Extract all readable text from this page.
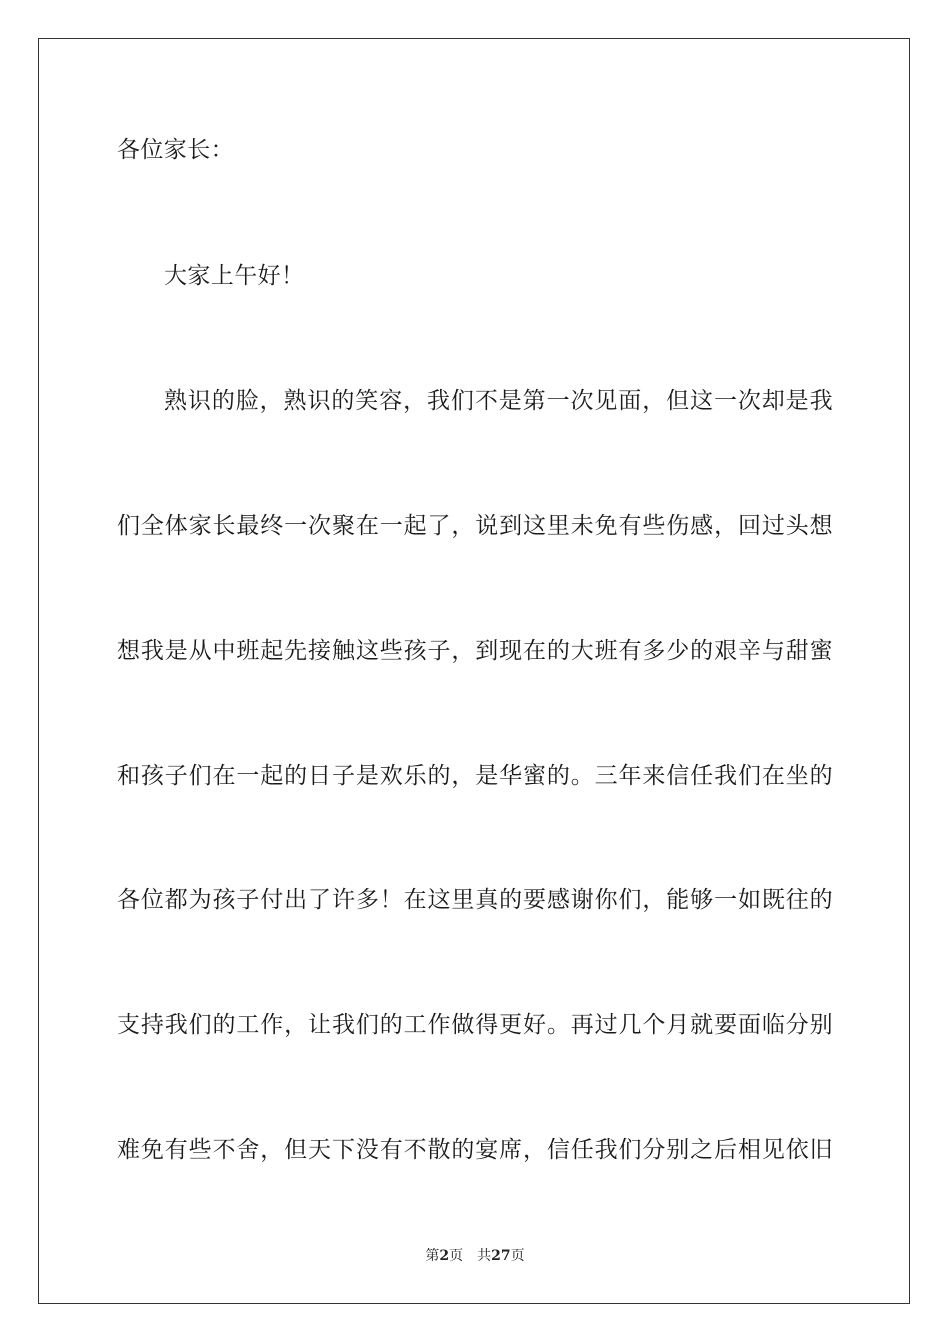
各位家长：
大家上午好！
熟识的脸，熟识的笑容，我们不是第一次见面，但这一次却是我
们全体家长最终一次聚在一起了，说到这里未免有些伤感，回过头想
想我是从中班起先接触这些孩子，到现在的大班有多少的艰辛与甜蜜
和孩子们在一起的日子是欢乐的，是华蜜的。三年来信任我们在坐的
各位都为孩子付出了许多！在这里真的要感谢你们，能够一如既往的
支持我们的工作，让我们的工作做得更好。再过几个月就要面临分别
难免有些不舍，但天下没有不散的宴席，信任我们分别之后相见依旧
第2页 共27页
